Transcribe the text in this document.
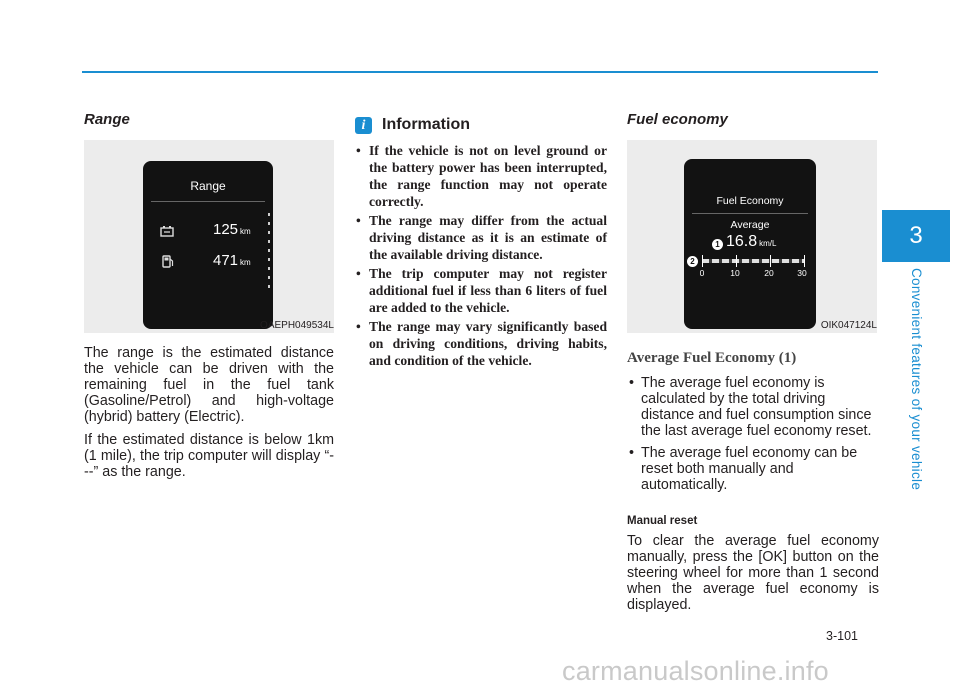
3
Convenient features of your vehicle
Range
Range
125 km
471 km
OAEPH049534L

The range is the estimated distance the vehicle can be driven with the remaining fuel in the fuel tank (Gasoline/Petrol) and high-voltage (hybrid) battery (Electric).

If the estimated distance is below 1km (1 mile), the trip computer will display “---” as the range.

i	Information
• If the vehicle is not on level ground or the battery power has been interrupted, the range function may not operate correctly.
• The range may differ from the actual driving distance as it is an estimate of the available driving distance.
• The trip computer may not register additional fuel if less than 6 liters of fuel are added to the vehicle.
• The range may vary significantly based on driving conditions, driving habits, and condition of the vehicle.
Fuel economy
Fuel Economy
Average
1 16.8 km/L
2
0	10	20	30
OIK047124L
Average Fuel Economy (1)
• The average fuel economy is calculated by the total driving distance and fuel consumption since the last average fuel economy reset.
• The average fuel economy can be reset both manually and automatically.
Manual reset

To clear the average fuel economy manually, press the [OK] button on the steering wheel for more than 1 second when the average fuel economy is displayed.

3-101
carmanualsonline.info
